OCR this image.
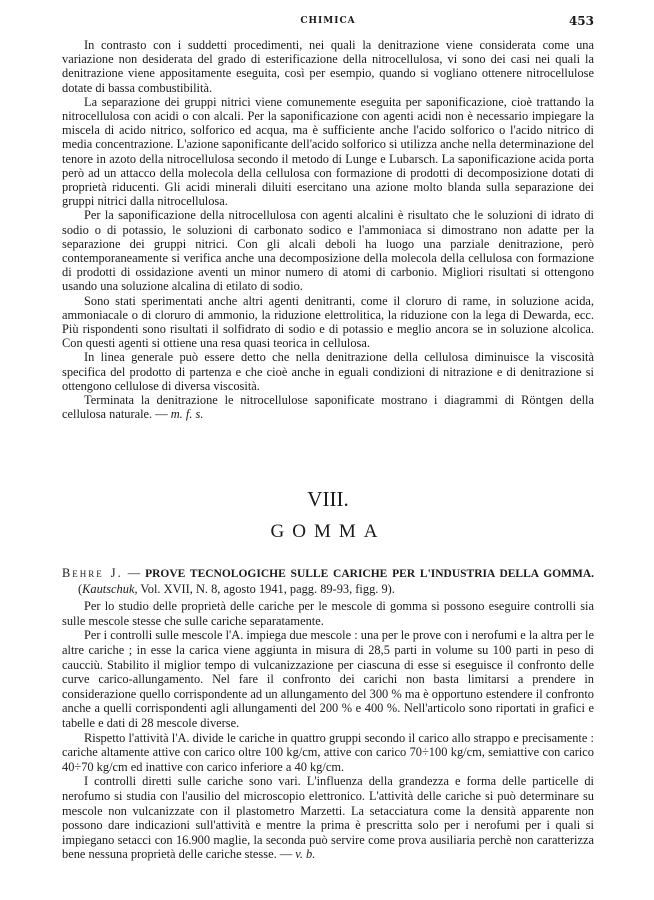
CHIMICA	453

In contrasto con i suddetti procedimenti, nei quali la denitrazione viene considerata come una variazione non desiderata del grado di esterificazione della nitrocellulosa, vi sono dei casi nei quali la denitrazione viene appositamente eseguita, così per esempio, quando si vogliano ottenere nitrocellulose dotate di bassa combustibilità.

La separazione dei gruppi nitrici viene comunemente eseguita per saponificazione, cioè trattando la nitrocellulosa con acidi o con alcali. Per la saponificazione con agenti acidi non è necessario impiegare la miscela di acido nitrico, solforico ed acqua, ma è sufficiente anche l'acido solforico o l'acido nitrico di media concentrazione. L'azione saponificante dell'acido solforico si utilizza anche nella determinazione del tenore in azoto della nitrocellulosa secondo il metodo di Lunge e Lubarsch. La saponificazione acida porta però ad un attacco della molecola della cellulosa con formazione di prodotti di decomposizione dotati di proprietà riducenti. Gli acidi minerali diluiti esercitano una azione molto blanda sulla separazione dei gruppi nitrici dalla nitrocellulosa.

Per la saponificazione della nitrocellulosa con agenti alcalini è risultato che le soluzioni di idrato di sodio o di potassio, le soluzioni di carbonato sodico e l'ammoniaca si dimostrano non adatte per la separazione dei gruppi nitrici. Con gli alcali deboli ha luogo una parziale denitrazione, però contemporaneamente si verifica anche una decomposizione della molecola della cellulosa con formazione di prodotti di ossidazione aventi un minor numero di atomi di carbonio. Migliori risultati si ottengono usando una soluzione alcalina di etilato di sodio.

Sono stati sperimentati anche altri agenti denitranti, come il cloruro di rame, in soluzione acida, ammoniacale o di cloruro di ammonio, la riduzione elettrolitica, la riduzione con la lega di Dewarda, ecc. Più rispondenti sono risultati il solfidrato di sodio e di potassio e meglio ancora se in soluzione alcolica. Con questi agenti si ottiene una resa quasi teorica in cellulosa.

In linea generale può essere detto che nella denitrazione della cellulosa diminuisce la viscosità specifica del prodotto di partenza e che cioè anche in eguali condizioni di nitrazione e di denitrazione si ottengono cellulose di diversa viscosità.

Terminata la denitrazione le nitrocellulose saponificate mostrano i diagrammi di Röntgen della cellulosa naturale. — m. f. s.

VIII.
GOMMA

Behre J. — PROVE TECNOLOGICHE SULLE CARICHE PER L'INDUSTRIA DELLA GOMMA. (Kautschuk, Vol. XVII, N. 8, agosto 1941, pagg. 89-93, figg. 9).

Per lo studio delle proprietà delle cariche per le mescole di gomma si possono eseguire controlli sia sulle mescole stesse che sulle cariche separatamente.

Per i controlli sulle mescole l'A. impiega due mescole : una per le prove con i nerofumi e la altra per le altre cariche ; in esse la carica viene aggiunta in misura di 28,5 parti in volume su 100 parti in peso di caucciù. Stabilito il miglior tempo di vulcanizzazione per ciascuna di esse si eseguisce il confronto delle curve carico-allungamento. Nel fare il confronto dei carichi non basta limitarsi a prendere in considerazione quello corrispondente ad un allungamento del 300 % ma è opportuno estendere il confronto anche a quelli corrispondenti agli allungamenti del 200 % e 400 %. Nell'articolo sono riportati in grafici e tabelle e dati di 28 mescole diverse.

Rispetto l'attività l'A. divide le cariche in quattro gruppi secondo il carico allo strappo e precisamente : cariche altamente attive con carico oltre 100 kg/cm, attive con carico 70÷100 kg/cm, semiattive con carico 40÷70 kg/cm ed inattive con carico inferiore a 40 kg/cm.

I controlli diretti sulle cariche sono vari. L'influenza della grandezza e forma delle particelle di nerofumo si studia con l'ausilio del microscopio elettronico. L'attività delle cariche si può determinare su mescole non vulcanizzate con il plastometro Marzetti. La setacciatura come la densità apparente non possono dare indicazioni sull'attività e mentre la prima è prescritta solo per i nerofumi per i quali si impiegano setacci con 16.900 maglie, la seconda può servire come prova ausiliaria perchè non caratterizza bene nessuna proprietà delle cariche stesse. — v. b.
